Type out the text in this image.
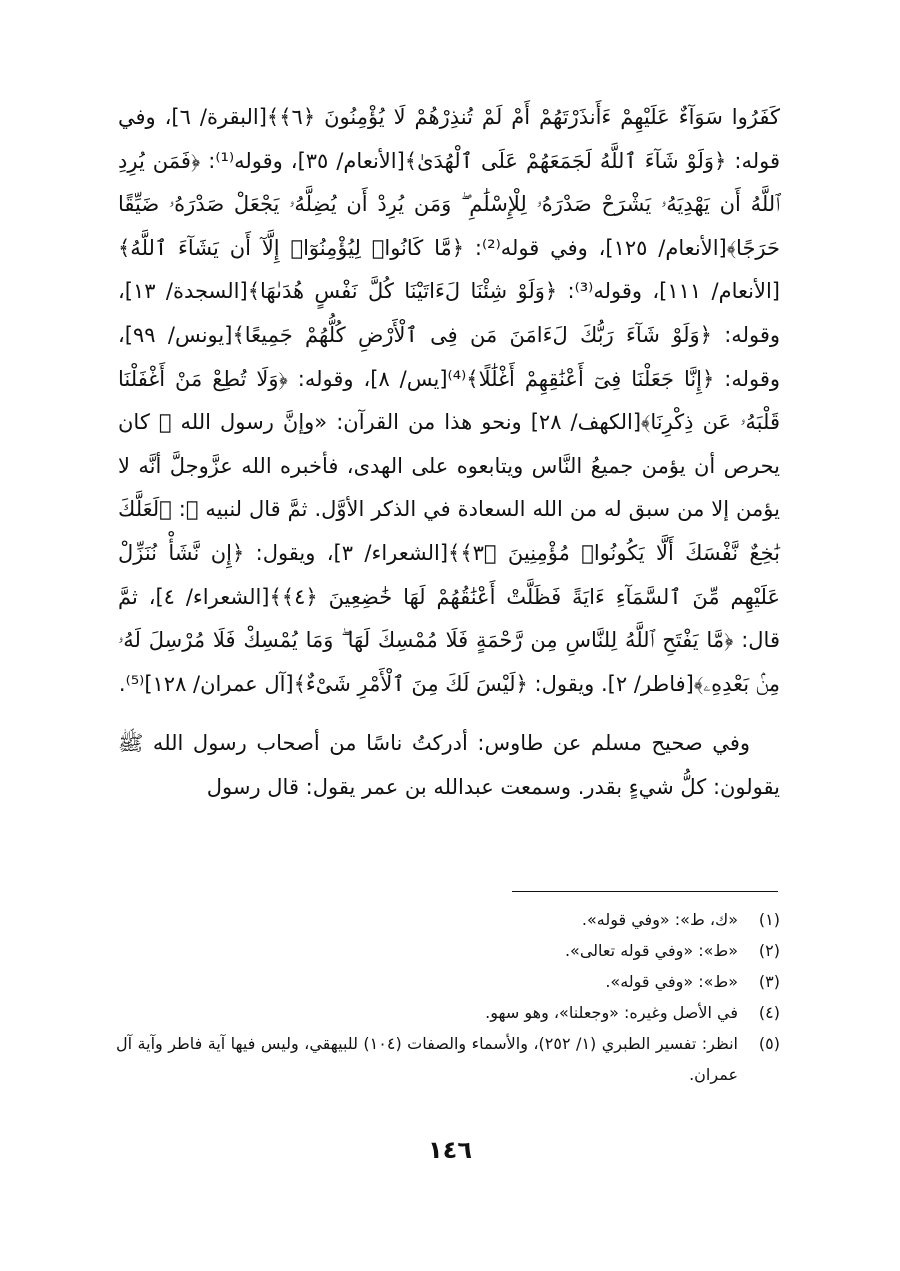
كَفَرُوا سَوَآءٌ عَلَيْهِمْ ءَأَنذَرْتَهُمْ أَمْ لَمْ تُنذِرْهُمْ لَا يُؤْمِنُونَ ﴿٦﴾﴾[البقرة/ ٦]، وفي قوله: ﴿وَلَوْ شَآءَ ٱللَّهُ لَجَمَعَهُمْ عَلَى ٱلْهُدَىٰ﴾[الأنعام/ ٣٥]، وقوله⁽¹⁾: ﴿فَمَن يُرِدِ ٱللَّهُ أَن يَهْدِيَهُۥ يَشْرَحْ صَدْرَهُۥ لِلْإِسْلَٰمِ ۖ وَمَن يُرِدْ أَن يُضِلَّهُۥ يَجْعَلْ صَدْرَهُۥ ضَيِّقًا حَرَجًا﴾[الأنعام/ ١٢٥]، وفي قوله⁽²⁾: ﴿مَّا كَانُوا۟ لِيُؤْمِنُوٓا۟ إِلَّآ أَن يَشَآءَ ٱللَّهُ﴾[الأنعام/ ١١١]، وقوله⁽³⁾: ﴿وَلَوْ شِئْنَا لَءَاتَيْنَا كُلَّ نَفْسٍ هُدَىٰهَا﴾[السجدة/ ١٣]، وقوله: ﴿وَلَوْ شَآءَ رَبُّكَ لَءَامَنَ مَن فِى ٱلْأَرْضِ كُلُّهُمْ جَمِيعًا﴾[يونس/ ٩٩]، وقوله: ﴿إِنَّا جَعَلْنَا فِىٓ أَعْنَٰقِهِمْ أَغْلَٰلًا﴾⁽⁴⁾[يس/ ٨]، وقوله: ﴿وَلَا تُطِعْ مَنْ أَغْفَلْنَا قَلْبَهُۥ عَن ذِكْرِنَا﴾[الكهف/ ٢٨] ونحو هذا من القرآن: «وإنَّ رسول الله ﷺ كان يحرص أن يؤمن جميعُ النَّاس ويتابعوه على الهدى، فأخبره الله عزَّوجلَّ أنَّه لا يؤمن إلا من سبق له من الله السعادة في الذكر الأوَّل. ثمَّ قال لنبيه ﷺ: ﴿لَعَلَّكَ بَٰخِعٌ نَّفْسَكَ أَلَّا يَكُونُوا۟ مُؤْمِنِينَ ﴿٣﴾﴾[الشعراء/ ٣]، ويقول: ﴿إِن نَّشَأْ نُنَزِّلْ عَلَيْهِم مِّنَ ٱلسَّمَآءِ ءَايَةً فَظَلَّتْ أَعْنَٰقُهُمْ لَهَا خَٰضِعِينَ ﴿٤﴾﴾[الشعراء/ ٤]، ثمَّ قال: ﴿مَّا يَفْتَحِ ٱللَّهُ لِلنَّاسِ مِن رَّحْمَةٍ فَلَا مُمْسِكَ لَهَا ۖ وَمَا يُمْسِكْ فَلَا مُرْسِلَ لَهُۥ مِنۢ بَعْدِهِۦ﴾[فاطر/ ٢]. ويقول: ﴿لَيْسَ لَكَ مِنَ ٱلْأَمْرِ شَىْءٌ﴾[آل عمران/ ١٢٨]⁽⁵⁾.

وفي صحيح مسلم عن طاوس: أدركتُ ناسًا من أصحاب رسول الله ﷺ يقولون: كلُّ شيءٍ بقدر. وسمعت عبدالله بن عمر يقول: قال رسول

(١)
«ك، ط»: «وفي قوله».
(٢)
«ط»: «وفي قوله تعالى».
(٣)
«ط»: «وفي قوله».
(٤)
في الأصل وغيره: «وجعلنا»، وهو سهو.
(٥)
انظر: تفسير الطبري (١/ ٢٥٢)، والأسماء والصفات (١٠٤) للبيهقي، وليس فيها آية فاطر وآية آل عمران.
١٤٦
